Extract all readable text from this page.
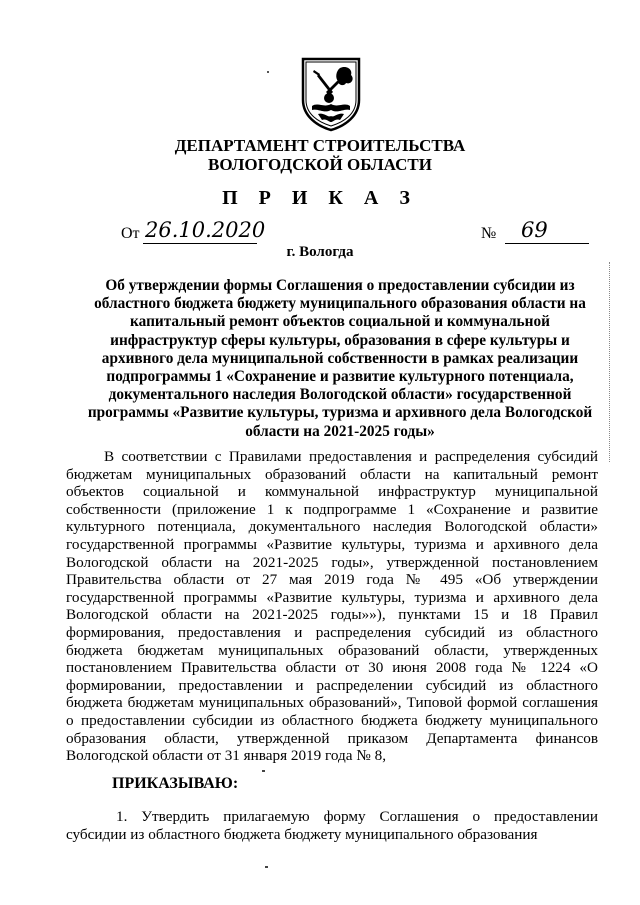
ДЕПАРТАМЕНТ СТРОИТЕЛЬСТВА
ВОЛОГОДСКОЙ ОБЛАСТИ
П Р И К А З
От 26.10.2020	№	69
г. Вологда
Об утверждении формы Соглашения о предоставлении субсидии из областного бюджета бюджету муниципального образования области на капитальный ремонт объектов социальной и коммунальной инфраструктур сферы культуры, образования в сфере культуры и архивного дела муниципальной собственности в рамках реализации подпрограммы 1 «Сохранение и развитие культурного потенциала, документального наследия Вологодской области» государственной программы «Развитие культуры, туризма и архивного дела Вологодской области на 2021-2025 годы»
В соответствии с Правилами предоставления и распределения субсидий бюджетам муниципальных образований области на капитальный ремонт объектов социальной и коммунальной инфраструктур муниципальной собственности (приложение 1 к подпрограмме 1 «Сохранение и развитие культурного потенциала, документального наследия Вологодской области» государственной программы «Развитие культуры, туризма и архивного дела Вологодской области на 2021-2025 годы», утвержденной постановлением Правительства области от 27 мая 2019 года № 495 «Об утверждении государственной программы «Развитие культуры, туризма и архивного дела Вологодской области на 2021-2025 годы»»), пунктами 15 и 18 Правил формирования, предоставления и распределения субсидий из областного бюджета бюджетам муниципальных образований области, утвержденных постановлением Правительства области от 30 июня 2008 года № 1224 «О формировании, предоставлении и распределении субсидий из областного бюджета бюджетам муниципальных образований», Типовой формой соглашения о предоставлении субсидии из областного бюджета бюджету муниципального образования области, утвержденной приказом Департамента финансов Вологодской области от 31 января 2019 года № 8,
ПРИКАЗЫВАЮ:
1. Утвердить прилагаемую форму Соглашения о предоставлении субсидии из областного бюджета бюджету муниципального образования
